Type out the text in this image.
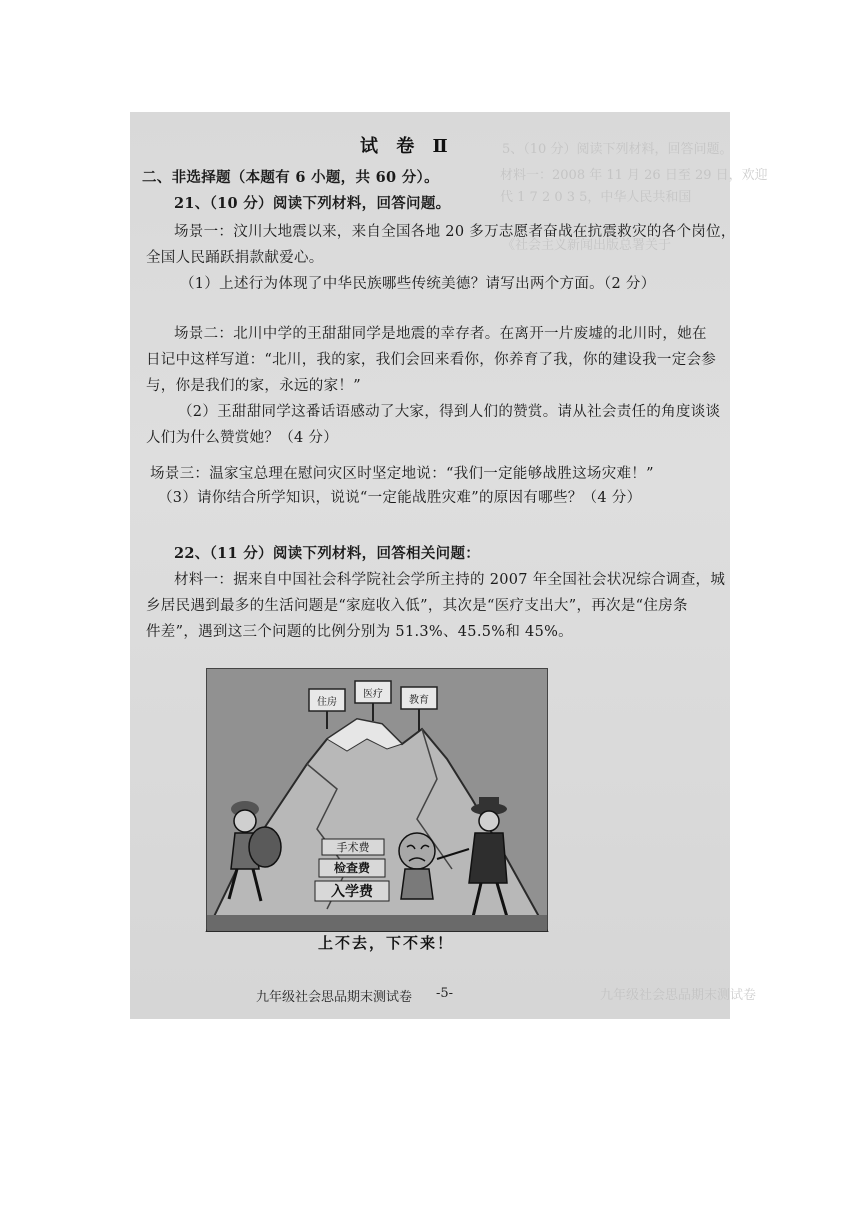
5、（10 分）阅读下列材料，回答问题。
材料一：2008 年 11 月 26 日至 29 日，欢迎
代 1 7 2 0 3 5，中华人民共和国
《社会主义新闻出版总署关于
九年级社会思品期末测试卷
试 卷 Ⅱ
二、非选择题（本题有 6 小题，共 60 分）。
21、（10 分）阅读下列材料，回答问题。
场景一：汶川大地震以来，来自全国各地 20 多万志愿者奋战在抗震救灾的各个岗位，
全国人民踊跃捐款献爱心。
（1）上述行为体现了中华民族哪些传统美德？请写出两个方面。（2 分）
场景二：北川中学的王甜甜同学是地震的幸存者。在离开一片废墟的北川时，她在
日记中这样写道：“北川，我的家，我们会回来看你，你养育了我，你的建设我一定会参
与，你是我们的家，永远的家！”
（2）王甜甜同学这番话语感动了大家，得到人们的赞赏。请从社会责任的角度谈谈
人们为什么赞赏她？（4 分）
场景三：温家宝总理在慰问灾区时坚定地说：“我们一定能够战胜这场灾难！”
（3）请你结合所学知识，说说“一定能战胜灾难”的原因有哪些？（4 分）
22、（11 分）阅读下列材料，回答相关问题：
材料一：据来自中国社会科学院社会学所主持的 2007 年全国社会状况综合调查，城
乡居民遇到最多的生活问题是“家庭收入低”，其次是“医疗支出大”，再次是“住房条
件差”，遇到这三个问题的比例分别为 51.3%、45.5%和 45%。
住房
医疗
教育
手术费
检查费
入学费
上不去，下不来！
九年级社会思品期末测试卷 -5-
